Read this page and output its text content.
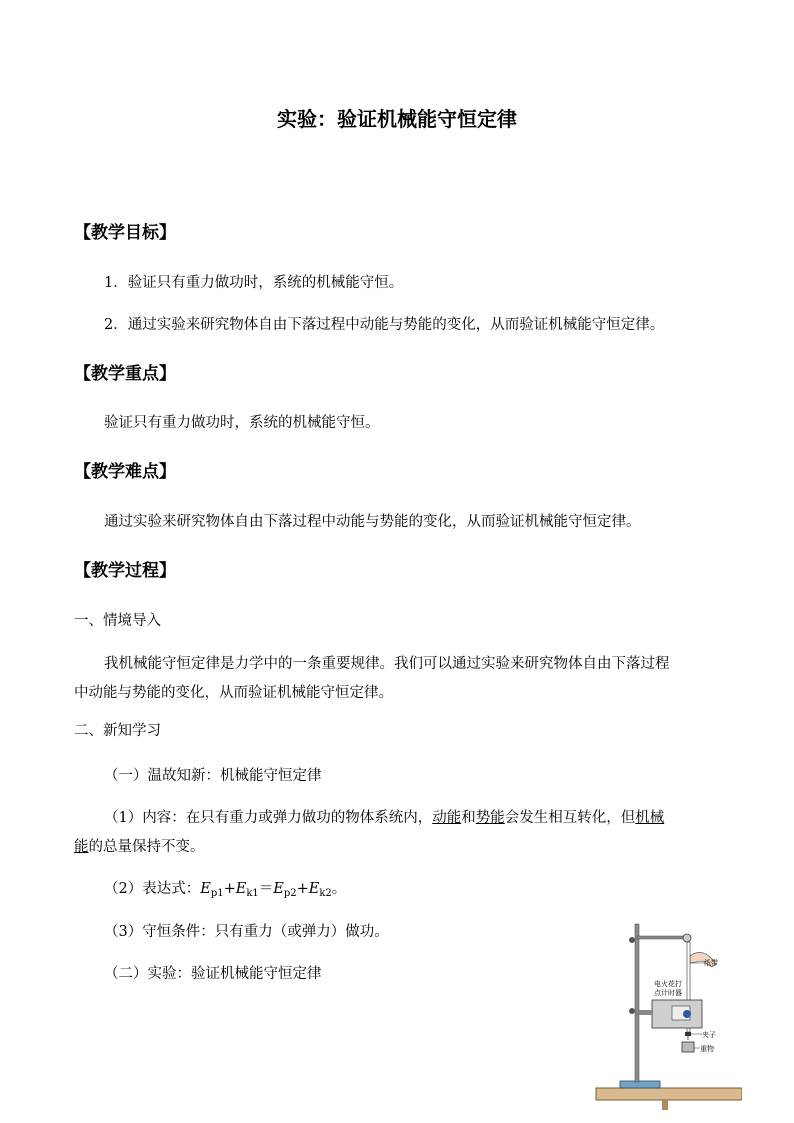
实验：验证机械能守恒定律
【教学目标】
1．验证只有重力做功时，系统的机械能守恒。
2．通过实验来研究物体自由下落过程中动能与势能的变化，从而验证机械能守恒定律。
【教学重点】
验证只有重力做功时，系统的机械能守恒。
【教学难点】
通过实验来研究物体自由下落过程中动能与势能的变化，从而验证机械能守恒定律。
【教学过程】
一、情境导入
我机械能守恒定律是力学中的一条重要规律。我们可以通过实验来研究物体自由下落过程
中动能与势能的变化，从而验证机械能守恒定律。
二、新知学习
（一）温故知新：机械能守恒定律
（1）内容：在只有重力或弹力做功的物体系统内，动能和势能会发生相互转化，但机械
能的总量保持不变。
（2）表达式：$E_{p1}+E_{k1}=E_{p2}+E_{k2}$。
（3）守恒条件：只有重力（或弹力）做功。
（二）实验：验证机械能守恒定律
电火花打
点计时器
纸带
夹子
重物
